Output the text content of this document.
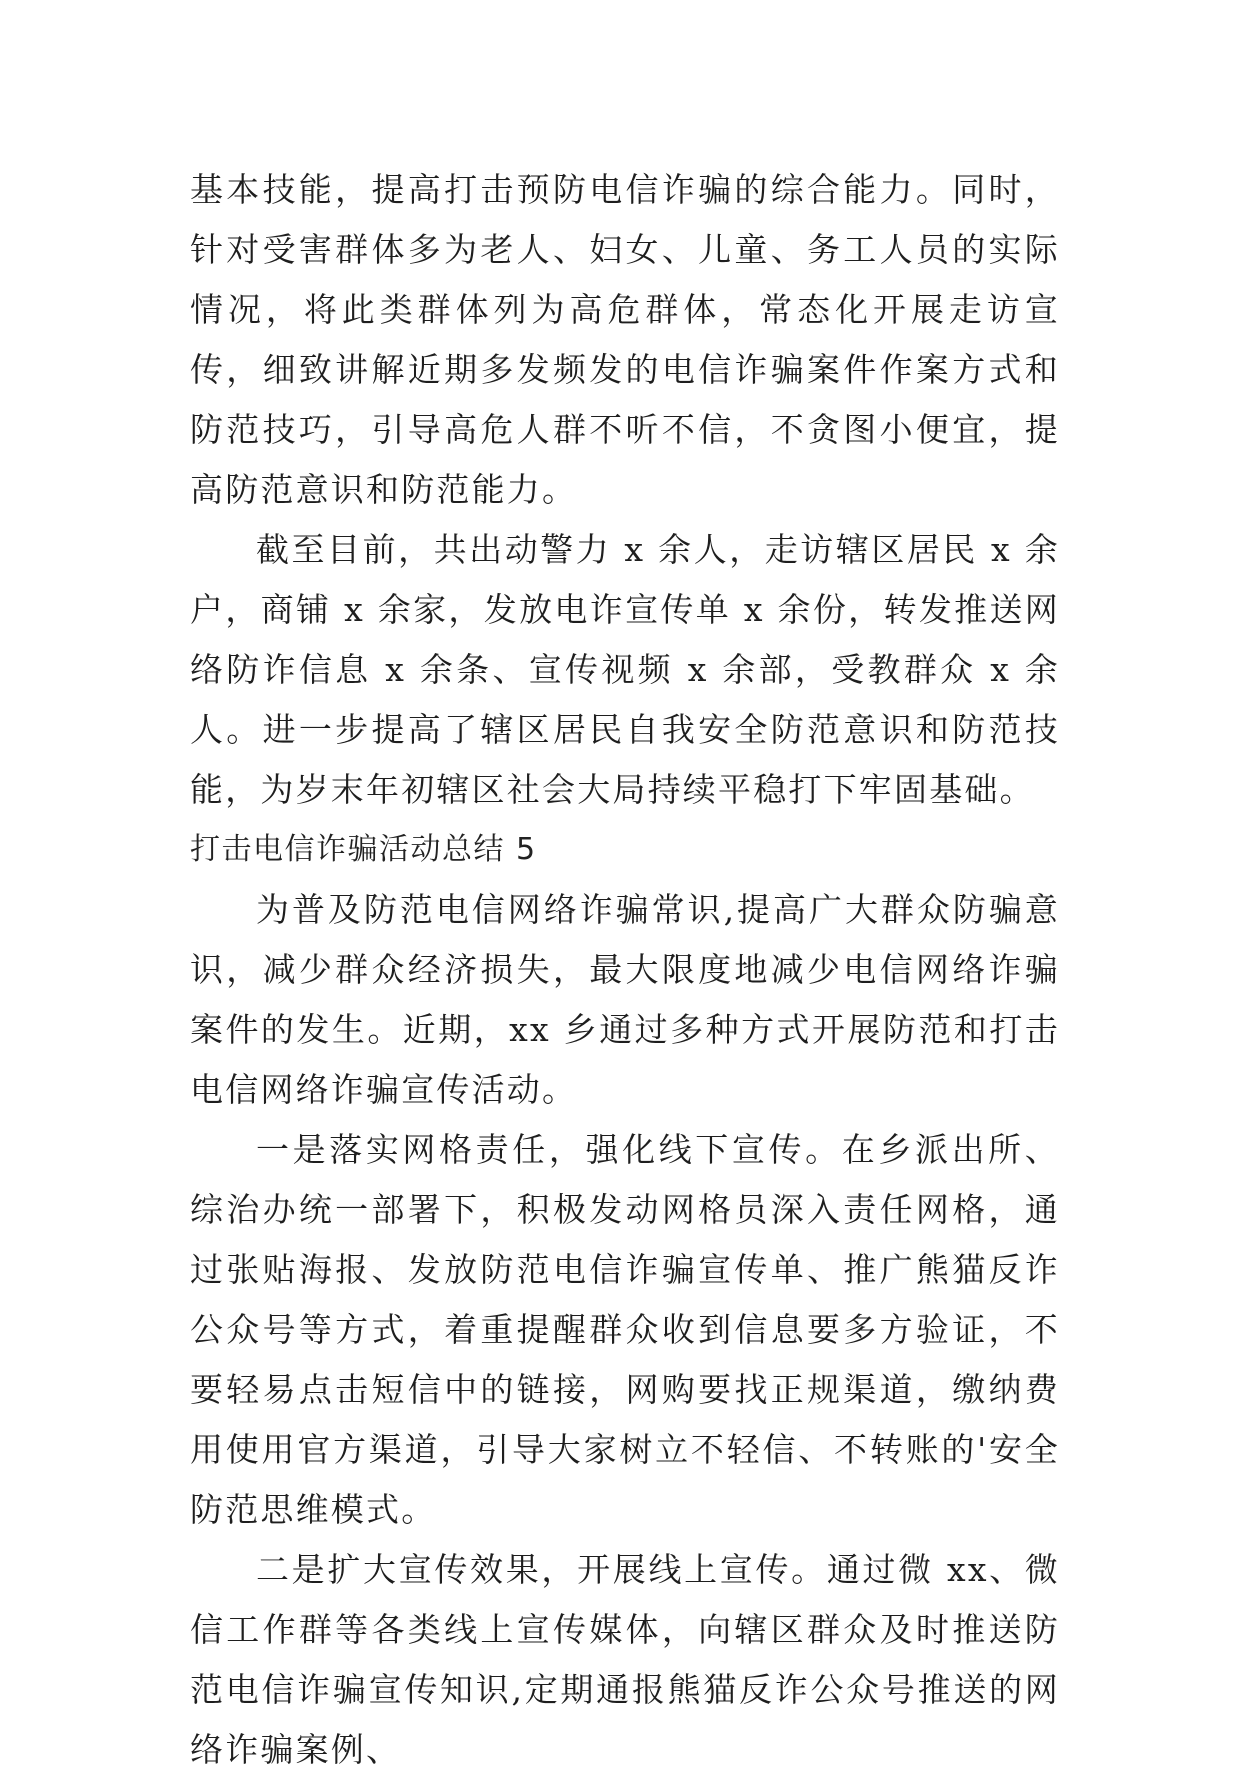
基本技能，提高打击预防电信诈骗的综合能力。同时，针对受害群体多为老人、妇女、儿童、务工人员的实际情况，将此类群体列为高危群体，常态化开展走访宣传，细致讲解近期多发频发的电信诈骗案件作案方式和防范技巧，引导高危人群不听不信，不贪图小便宜，提高防范意识和防范能力。

截至目前，共出动警力 x 余人，走访辖区居民 x 余户，商铺 x 余家，发放电诈宣传单 x 余份，转发推送网络防诈信息 x 余条、宣传视频 x 余部，受教群众 x 余人。进一步提高了辖区居民自我安全防范意识和防范技能，为岁末年初辖区社会大局持续平稳打下牢固基础。

打击电信诈骗活动总结 5

为普及防范电信网络诈骗常识,提高广大群众防骗意识，减少群众经济损失，最大限度地减少电信网络诈骗案件的发生。近期，xx 乡通过多种方式开展防范和打击电信网络诈骗宣传活动。

一是落实网格责任，强化线下宣传。在乡派出所、综治办统一部署下，积极发动网格员深入责任网格，通过张贴海报、发放防范电信诈骗宣传单、推广熊猫反诈公众号等方式，着重提醒群众收到信息要多方验证，不要轻易点击短信中的链接，网购要找正规渠道，缴纳费用使用官方渠道，引导大家树立不轻信、不转账的'安全防范思维模式。

二是扩大宣传效果，开展线上宣传。通过微 xx、微信工作群等各类线上宣传媒体，向辖区群众及时推送防范电信诈骗宣传知识,定期通报熊猫反诈公众号推送的网络诈骗案例、
